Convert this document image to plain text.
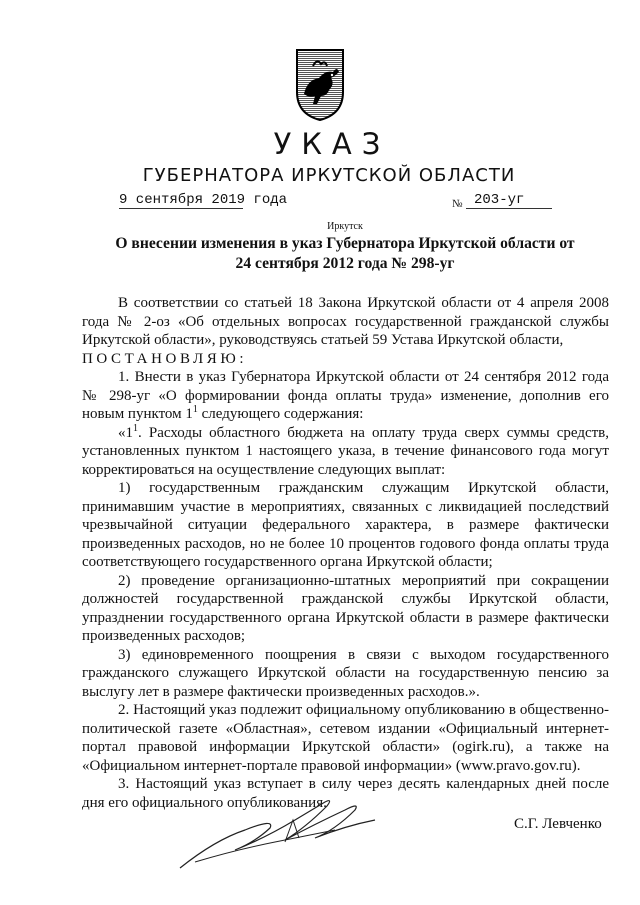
УКАЗ
ГУБЕРНАТОРА ИРКУТСКОЙ ОБЛАСТИ
9 сентября 2019 года	№ 203-уг
Иркутск
О внесении изменения в указ Губернатора Иркутской области от
24 сентября 2012 года № 298-уг

В соответствии со статьей 18 Закона Иркутской области от 4 апреля 2008 года № 2-оз «Об отдельных вопросах государственной гражданской службы Иркутской области», руководствуясь статьей 59 Устава Иркутской области,

ПОСТАНОВЛЯЮ:

1. Внести в указ Губернатора Иркутской области от 24 сентября 2012 года № 298-уг «О формировании фонда оплаты труда» изменение, дополнив его новым пунктом $1^1$ следующего содержания:

«$1^1$. Расходы областного бюджета на оплату труда сверх суммы средств, установленных пунктом 1 настоящего указа, в течение финансового года могут корректироваться на осуществление следующих выплат:

1) государственным гражданским служащим Иркутской области, принимавшим участие в мероприятиях, связанных с ликвидацией последствий чрезвычайной ситуации федерального характера, в размере фактически произведенных расходов, но не более 10 процентов годового фонда оплаты труда соответствующего государственного органа Иркутской области;

2) проведение организационно-штатных мероприятий при сокращении должностей государственной гражданской службы Иркутской области, упразднении государственного органа Иркутской области в размере фактически произведенных расходов;

3) единовременного поощрения в связи с выходом государственного гражданского служащего Иркутской области на государственную пенсию за выслугу лет в размере фактически произведенных расходов.».

2. Настоящий указ подлежит официальному опубликованию в общественно-политической газете «Областная», сетевом издании «Официальный интернет-портал правовой информации Иркутской области» (ogirk.ru), а также на «Официальном интернет-портале правовой информации» (www.pravo.gov.ru).

3. Настоящий указ вступает в силу через десять календарных дней после дня его официального опубликования.

С.Г. Левченко
